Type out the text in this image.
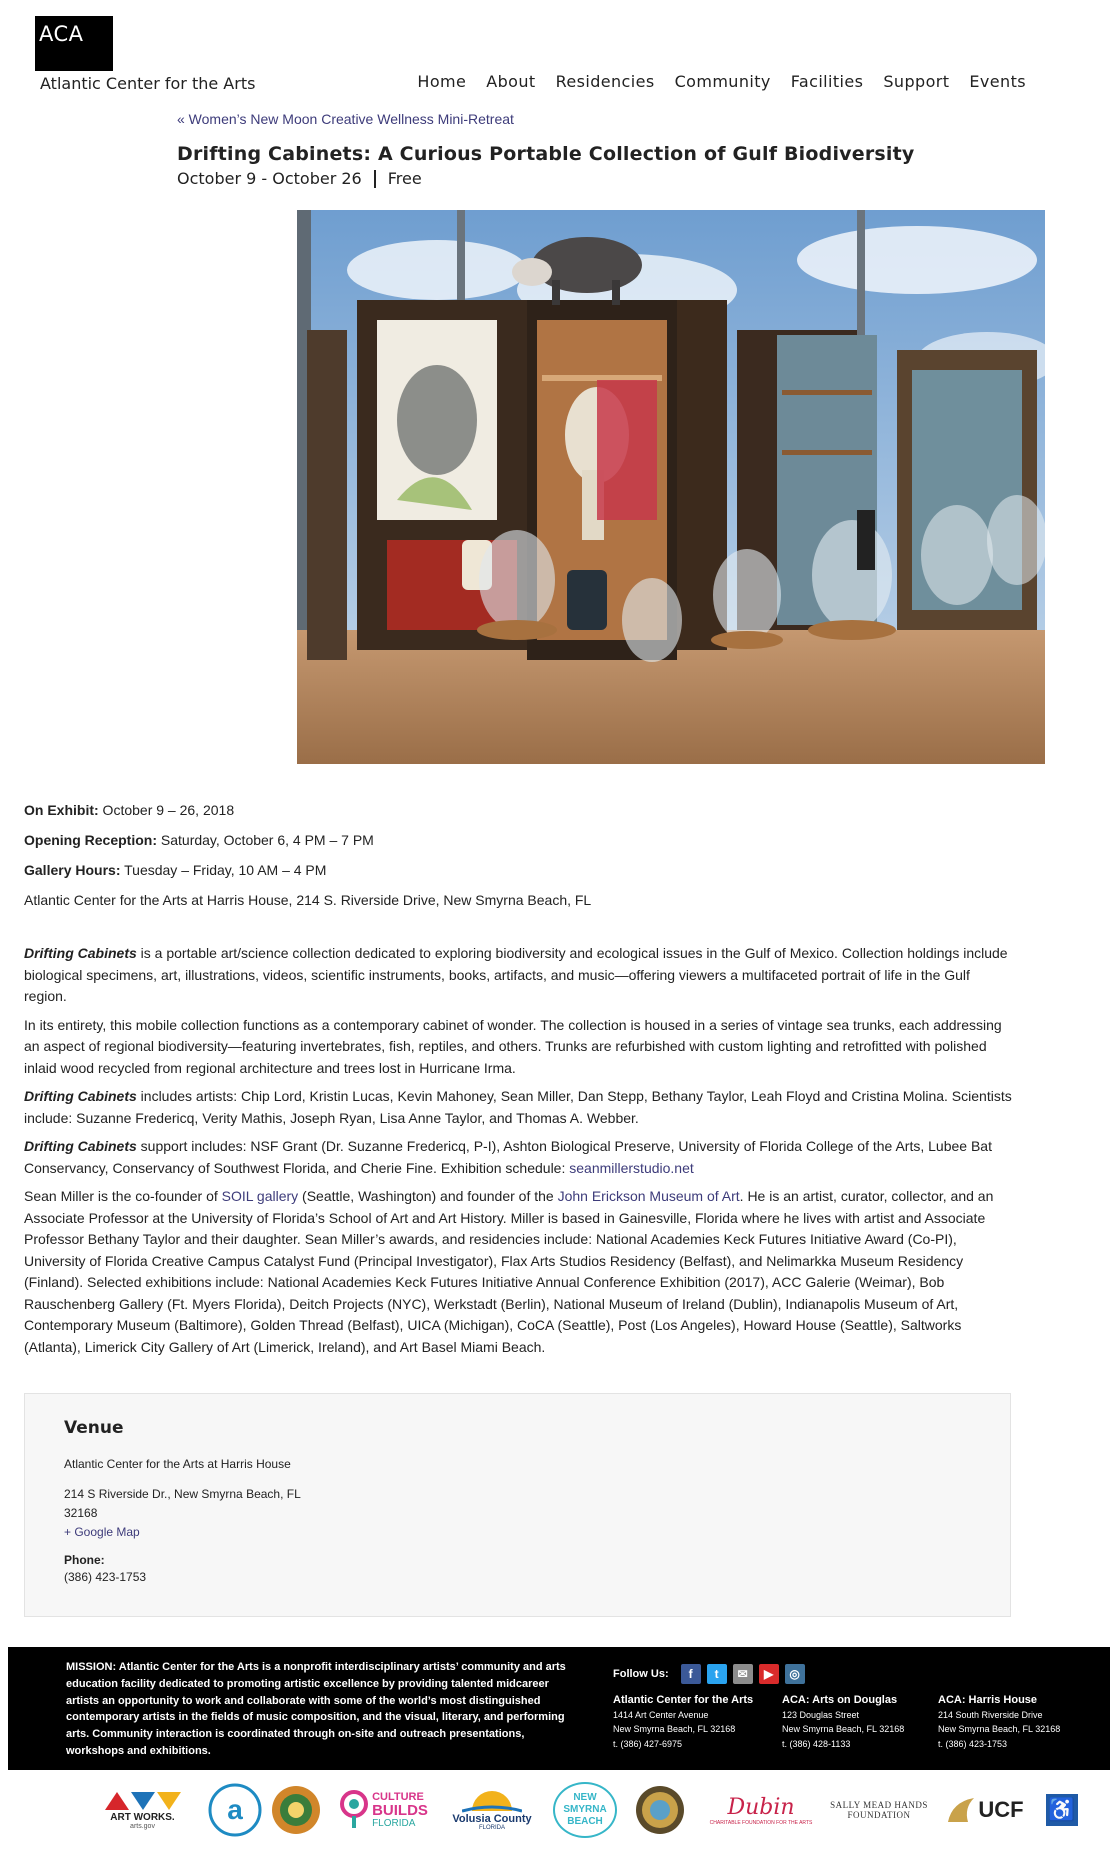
ACA
Atlantic Center for the Arts	Home About Residencies Community Facilities Support Events
« Women’s New Moon Creative Wellness Mini-Retreat
Drifting Cabinets: A Curious Portable Collection of Gulf Biodiversity
October 9 - October 26 Free

On Exhibit: October 9 – 26, 2018

Opening Reception: Saturday, October 6, 4 PM – 7 PM

Gallery Hours: Tuesday – Friday, 10 AM – 4 PM

Atlantic Center for the Arts at Harris House, 214 S. Riverside Drive, New Smyrna Beach, FL

Drifting Cabinets is a portable art/science collection dedicated to exploring biodiversity and ecological issues in the Gulf of Mexico. Collection holdings include biological specimens, art, illustrations, videos, scientific instruments, books, artifacts, and music—offering viewers a multifaceted portrait of life in the Gulf region.

In its entirety, this mobile collection functions as a contemporary cabinet of wonder. The collection is housed in a series of vintage sea trunks, each addressing an aspect of regional biodiversity—featuring invertebrates, fish, reptiles, and others. Trunks are refurbished with custom lighting and retrofitted with polished inlaid wood recycled from regional architecture and trees lost in Hurricane Irma.

Drifting Cabinets includes artists: Chip Lord, Kristin Lucas, Kevin Mahoney, Sean Miller, Dan Stepp, Bethany Taylor, Leah Floyd and Cristina Molina. Scientists include: Suzanne Fredericq, Verity Mathis, Joseph Ryan, Lisa Anne Taylor, and Thomas A. Webber.

Drifting Cabinets support includes: NSF Grant (Dr. Suzanne Fredericq, P-I), Ashton Biological Preserve, University of Florida College of the Arts, Lubee Bat Conservancy, Conservancy of Southwest Florida, and Cherie Fine. Exhibition schedule: seanmillerstudio.net

Sean Miller is the co-founder of SOIL gallery (Seattle, Washington) and founder of the John Erickson Museum of Art. He is an artist, curator, collector, and an Associate Professor at the University of Florida’s School of Art and Art History. Miller is based in Gainesville, Florida where he lives with artist and Associate Professor Bethany Taylor and their daughter. Sean Miller’s awards, and residencies include: National Academies Keck Futures Initiative Award (Co-PI), University of Florida Creative Campus Catalyst Fund (Principal Investigator), Flax Arts Studios Residency (Belfast), and Nelimarkka Museum Residency (Finland). Selected exhibitions include: National Academies Keck Futures Initiative Annual Conference Exhibition (2017), ACC Galerie (Weimar), Bob Rauschenberg Gallery (Ft. Myers Florida), Deitch Projects (NYC), Werkstadt (Berlin), National Museum of Ireland (Dublin), Indianapolis Museum of Art, Contemporary Museum (Baltimore), Golden Thread (Belfast), UICA (Michigan), CoCA (Seattle), Post (Los Angeles), Howard House (Seattle), Saltworks (Atlanta), Limerick City Gallery of Art (Limerick, Ireland), and Art Basel Miami Beach.

Venue
Atlantic Center for the Arts at Harris House
214 S Riverside Dr., New Smyrna Beach, FL
32168
+ Google Map
Phone:
(386) 423-1753
MISSION: Atlantic Center for the Arts is a nonprofit interdisciplinary artists’ community and arts education facility dedicated to promoting artistic excellence by providing talented midcareer artists an opportunity to work and collaborate with some of the world’s most distinguished contemporary artists in the fields of music composition, and the visual, literary, and performing arts. Community interaction is coordinated through on-site and outreach presentations, workshops and exhibitions.
Follow Us:	f	t	✉	▶	◎
Atlantic Center for the Arts
1414 Art Center Avenue
New Smyrna Beach, FL 32168
t. (386) 427-6975
ACA: Arts on Douglas
123 Douglas Street
New Smyrna Beach, FL 32168
t. (386) 428-1133
ACA: Harris House
214 South Riverside Drive
New Smyrna Beach, FL 32168
t. (386) 423-1753
ART WORKS.
arts.gov
a	CULTURE
BUILDS
FLORIDA	Volusia County
FLORIDA
NEW
SMYRNA
BEACH
Dubin
CHARITABLE FOUNDATION FOR THE ARTS
SALLY MEAD HANDS
FOUNDATION	UCF ♿
